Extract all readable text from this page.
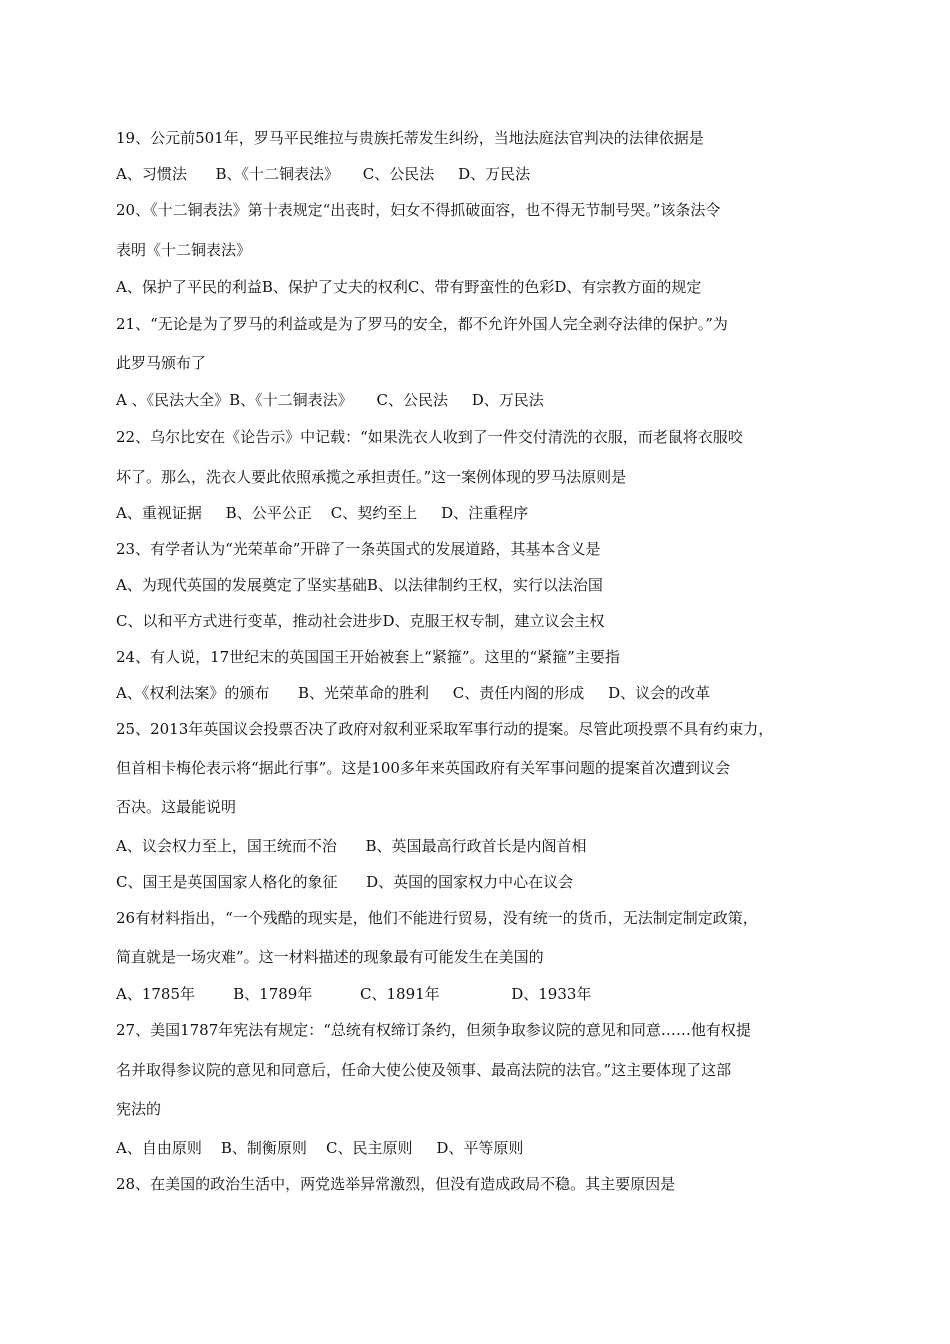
19、公元前501年，罗马平民维拉与贵族托蒂发生纠纷，当地法庭法官判决的法律依据是
A、习惯法      B、《十二铜表法》     C、公民法     D、万民法
20、《十二铜表法》第十表规定“出丧时，妇女不得抓破面容，也不得无节制号哭。”该条法令
表明《十二铜表法》
A、保护了平民的利益B、保护了丈夫的权利C、带有野蛮性的色彩D、有宗教方面的规定
21、“无论是为了罗马的利益或是为了罗马的安全，都不允许外国人完全剥夺法律的保护。”为
此罗马颁布了
A 、《民法大全》B、《十二铜表法》     C、公民法     D、万民法
22、乌尔比安在《论告示》中记载：“如果洗衣人收到了一件交付清洗的衣服，而老鼠将衣服咬
坏了。那么，洗衣人要此依照承揽之承担责任。”这一案例体现的罗马法原则是
A、重视证据     B、公平公正    C、契约至上     D、注重程序
23、有学者认为“光荣革命”开辟了一条英国式的发展道路，其基本含义是
A、为现代英国的发展奠定了坚实基础B、以法律制约王权，实行以法治国
C、以和平方式进行变革，推动社会进步D、克服王权专制，建立议会主权
24、有人说，17世纪末的英国国王开始被套上“紧箍”。这里的“紧箍”主要指
A、《权利法案》的颁布      B、光荣革命的胜利     C、责任内阁的形成     D、议会的改革
25、2013年英国议会投票否决了政府对叙利亚采取军事行动的提案。尽管此项投票不具有约束力，
但首相卡梅伦表示将“据此行事”。这是100多年来英国政府有关军事问题的提案首次遭到议会
否决。这最能说明
A、议会权力至上，国王统而不治      B、英国最高行政首长是内阁首相
C、国王是英国国家人格化的象征      D、英国的国家权力中心在议会
26有材料指出，“一个残酷的现实是，他们不能进行贸易，没有统一的货币，无法制定制定政策，
简直就是一场灾难”。这一材料描述的现象最有可能发生在美国的
A、1785年        B、1789年          C、1891年               D、1933年
27、美国1787年宪法有规定：“总统有权缔订条约，但须争取参议院的意见和同意……他有权提
名并取得参议院的意见和同意后，任命大使公使及领事、最高法院的法官。”这主要体现了这部
宪法的
A、自由原则    B、制衡原则    C、民主原则     D、平等原则
28、在美国的政治生活中，两党选举异常激烈，但没有造成政局不稳。其主要原因是
